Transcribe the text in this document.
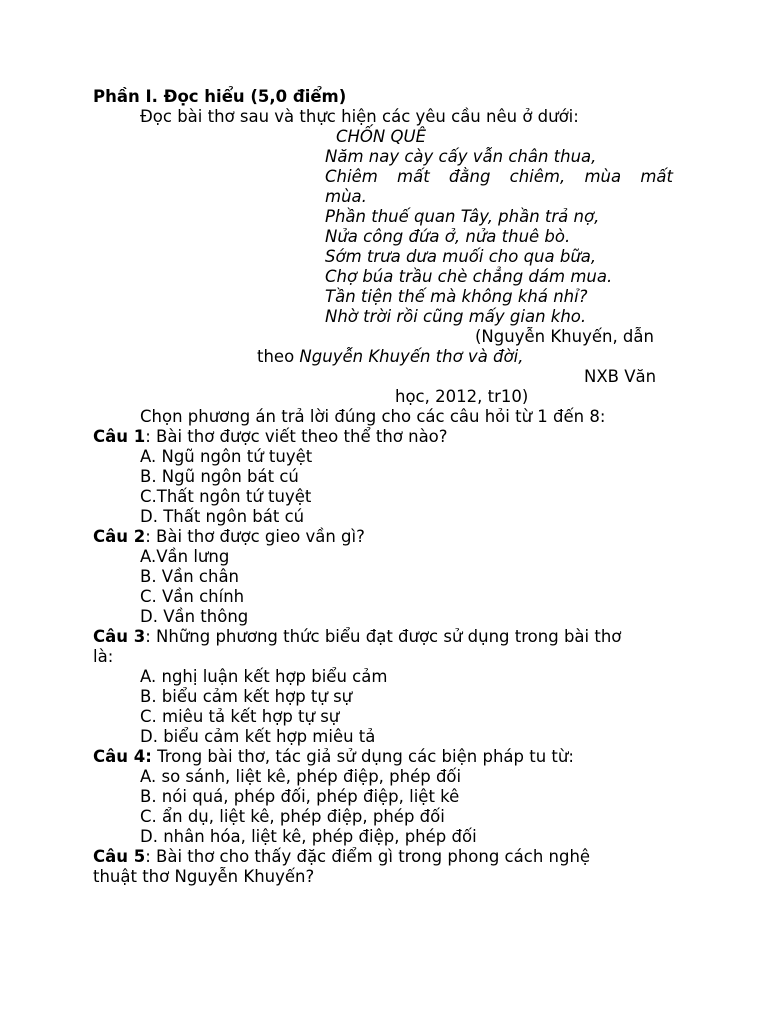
Phần I. Đọc hiểu (5,0 điểm)
Đọc bài thơ sau và thực hiện các yêu cầu nêu ở dưới:
CHỐN QUÊ
Năm nay cày cấy vẫn chân thua,
Chiêm mất đằng chiêm, mùa mất
mùa.
Phần thuế quan Tây, phần trả nợ,
Nửa công đứa ở, nửa thuê bò.
Sớm trưa dưa muối cho qua bữa,
Chợ búa trầu chè chẳng dám mua.
Tần tiện thế mà không khá nhỉ?
Nhờ trời rồi cũng mấy gian kho.
(Nguyễn Khuyến, dẫn
theo Nguyễn Khuyến thơ và đời,
NXB Văn
học, 2012, tr10)
Chọn phương án trả lời đúng cho các câu hỏi từ 1 đến 8:
Câu 1: Bài thơ được viết theo thể thơ nào?
A. Ngũ ngôn tứ tuyệt
B. Ngũ ngôn bát cú
C.Thất ngôn tứ tuyệt
D. Thất ngôn bát cú
Câu 2: Bài thơ được gieo vần gì?
A.Vần lưng
B. Vần chân
C. Vần chính
D. Vần thông
Câu 3: Những phương thức biểu đạt được sử dụng trong bài thơ
là:
A. nghị luận kết hợp biểu cảm
B. biểu cảm kết hợp tự sự
C. miêu tả kết hợp tự sự
D. biểu cảm kết hợp miêu tả
Câu 4: Trong bài thơ, tác giả sử dụng các biện pháp tu từ:
A. so sánh, liệt kê, phép điệp, phép đối
B. nói quá, phép đối, phép điệp, liệt kê
C. ẩn dụ, liệt kê, phép điệp, phép đối
D. nhân hóa, liệt kê, phép điệp, phép đối
Câu 5: Bài thơ cho thấy đặc điểm gì trong phong cách nghệ
thuật thơ Nguyễn Khuyến?
